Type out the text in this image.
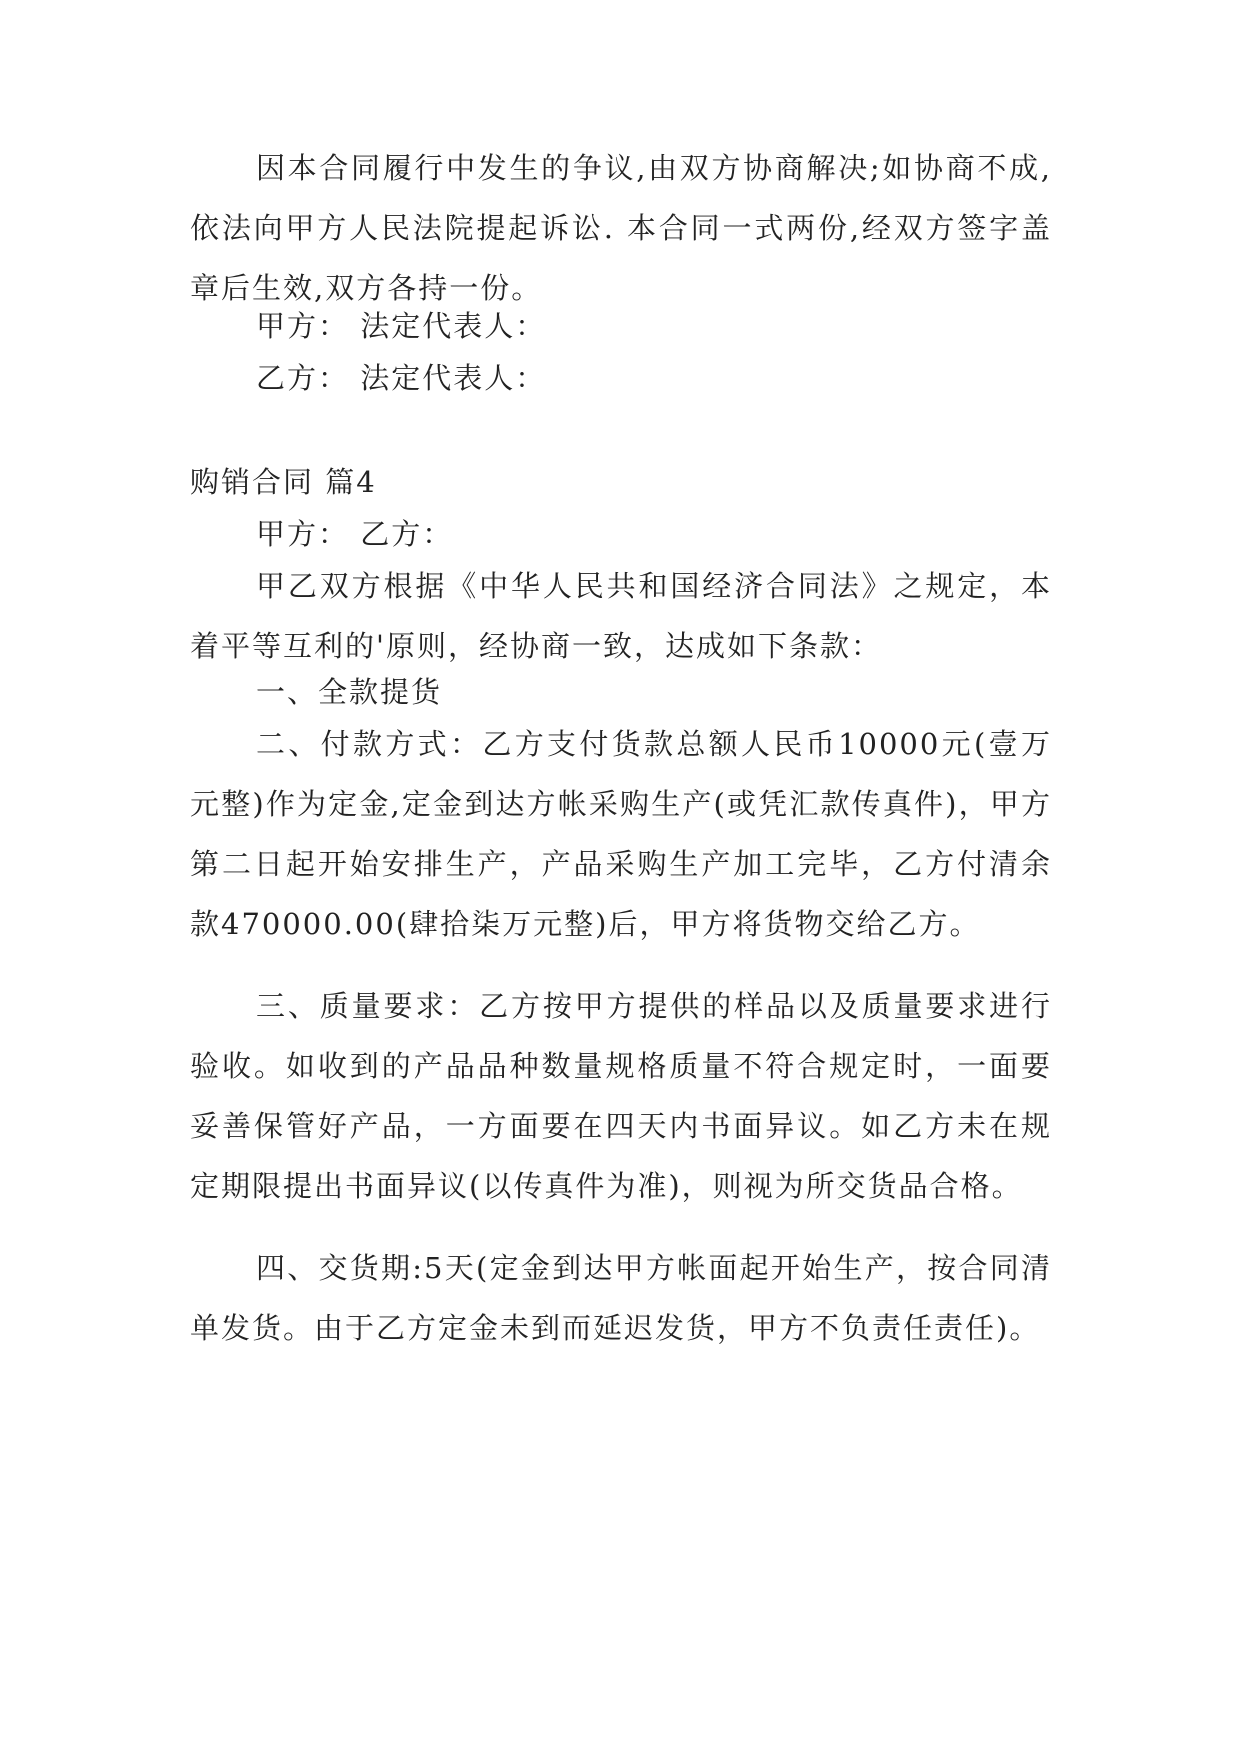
因本合同履行中发生的争议,由双方协商解决;如协商不成,依法向甲方人民法院提起诉讼. 本合同一式两份,经双方签字盖章后生效,双方各持一份。

甲方： 法定代表人：

乙方： 法定代表人：

购销合同 篇4

甲方： 乙方：

甲乙双方根据《中华人民共和国经济合同法》之规定，本着平等互利的'原则，经协商一致，达成如下条款：

一、全款提货

二、付款方式：乙方支付货款总额人民币10000元(壹万元整)作为定金,定金到达方帐采购生产(或凭汇款传真件)，甲方第二日起开始安排生产，产品采购生产加工完毕，乙方付清余款470000.00(肆拾柒万元整)后，甲方将货物交给乙方。

三、质量要求：乙方按甲方提供的样品以及质量要求进行验收。如收到的产品品种数量规格质量不符合规定时，一面要妥善保管好产品，一方面要在四天内书面异议。如乙方未在规定期限提出书面异议(以传真件为准)，则视为所交货品合格。

四、交货期:5天(定金到达甲方帐面起开始生产，按合同清单发货。由于乙方定金未到而延迟发货，甲方不负责任责任)。
